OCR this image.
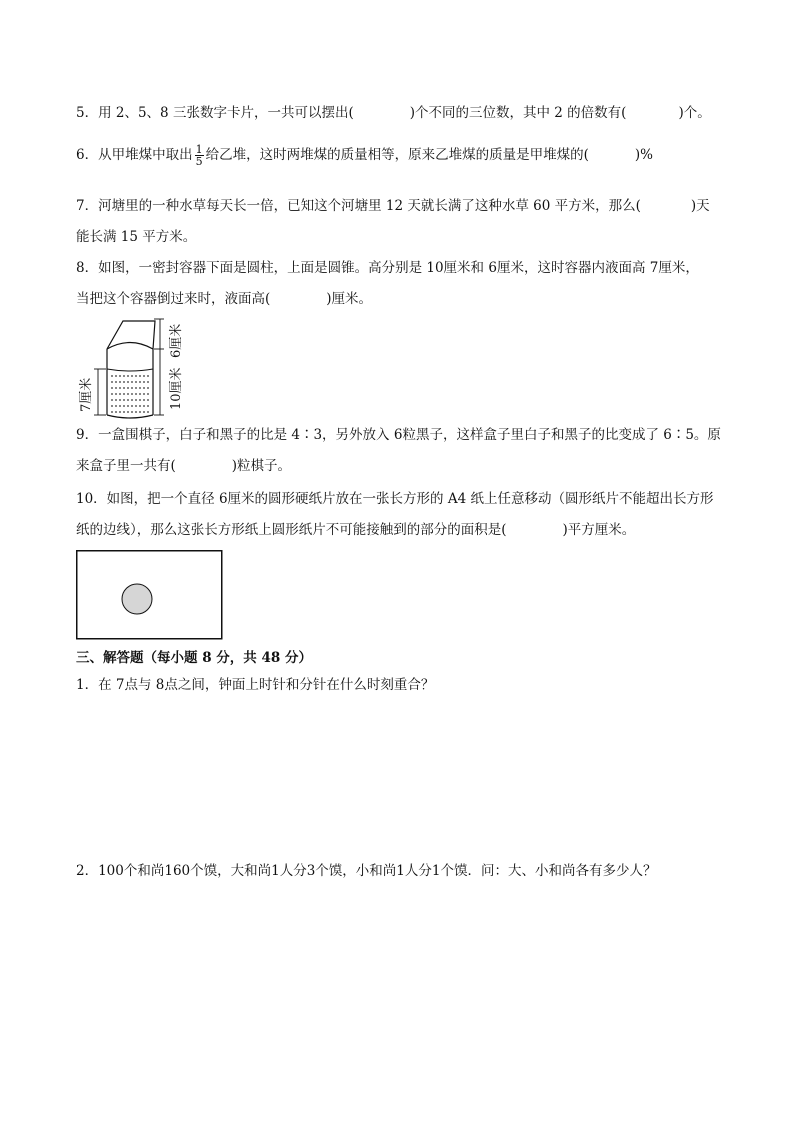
5．用 2、5、8 三张数字卡片，一共可以摆出(	)个不同的三位数，其中 2 的倍数有(	)个。
6．从甲堆煤中取出 $\frac{1}{5}$ 给乙堆，这时两堆煤的质量相等，原来乙堆煤的质量是甲堆煤的(	)%
7．河塘里的一种水草每天长一倍，已知这个河塘里 12 天就长满了这种水草 60 平方米，那么(	)天
能长满 15 平方米。
8．如图，一密封容器下面是圆柱，上面是圆锥。高分别是 10厘米和 6厘米，这时容器内液面高 7厘米，
当把这个容器倒过来时，液面高(	)厘米。
7厘米
6厘米
10厘米
9．一盒围棋子，白子和黑子的比是 4∶3，另外放入 6粒黑子，这样盒子里白子和黑子的比变成了 6∶5。原
来盒子里一共有(	)粒棋子。
10．如图，把一个直径 6厘米的圆形硬纸片放在一张长方形的 A4 纸上任意移动（圆形纸片不能超出长方形
纸的边线），那么这张长方形纸上圆形纸片不可能接触到的部分的面积是(	)平方厘米。
三、解答题（每小题 8 分，共 48 分）
1．在 7点与 8点之间，钟面上时针和分针在什么时刻重合？
2．100个和尚160个馍，大和尚1人分3个馍，小和尚1人分1个馍．问：大、小和尚各有多少人？
